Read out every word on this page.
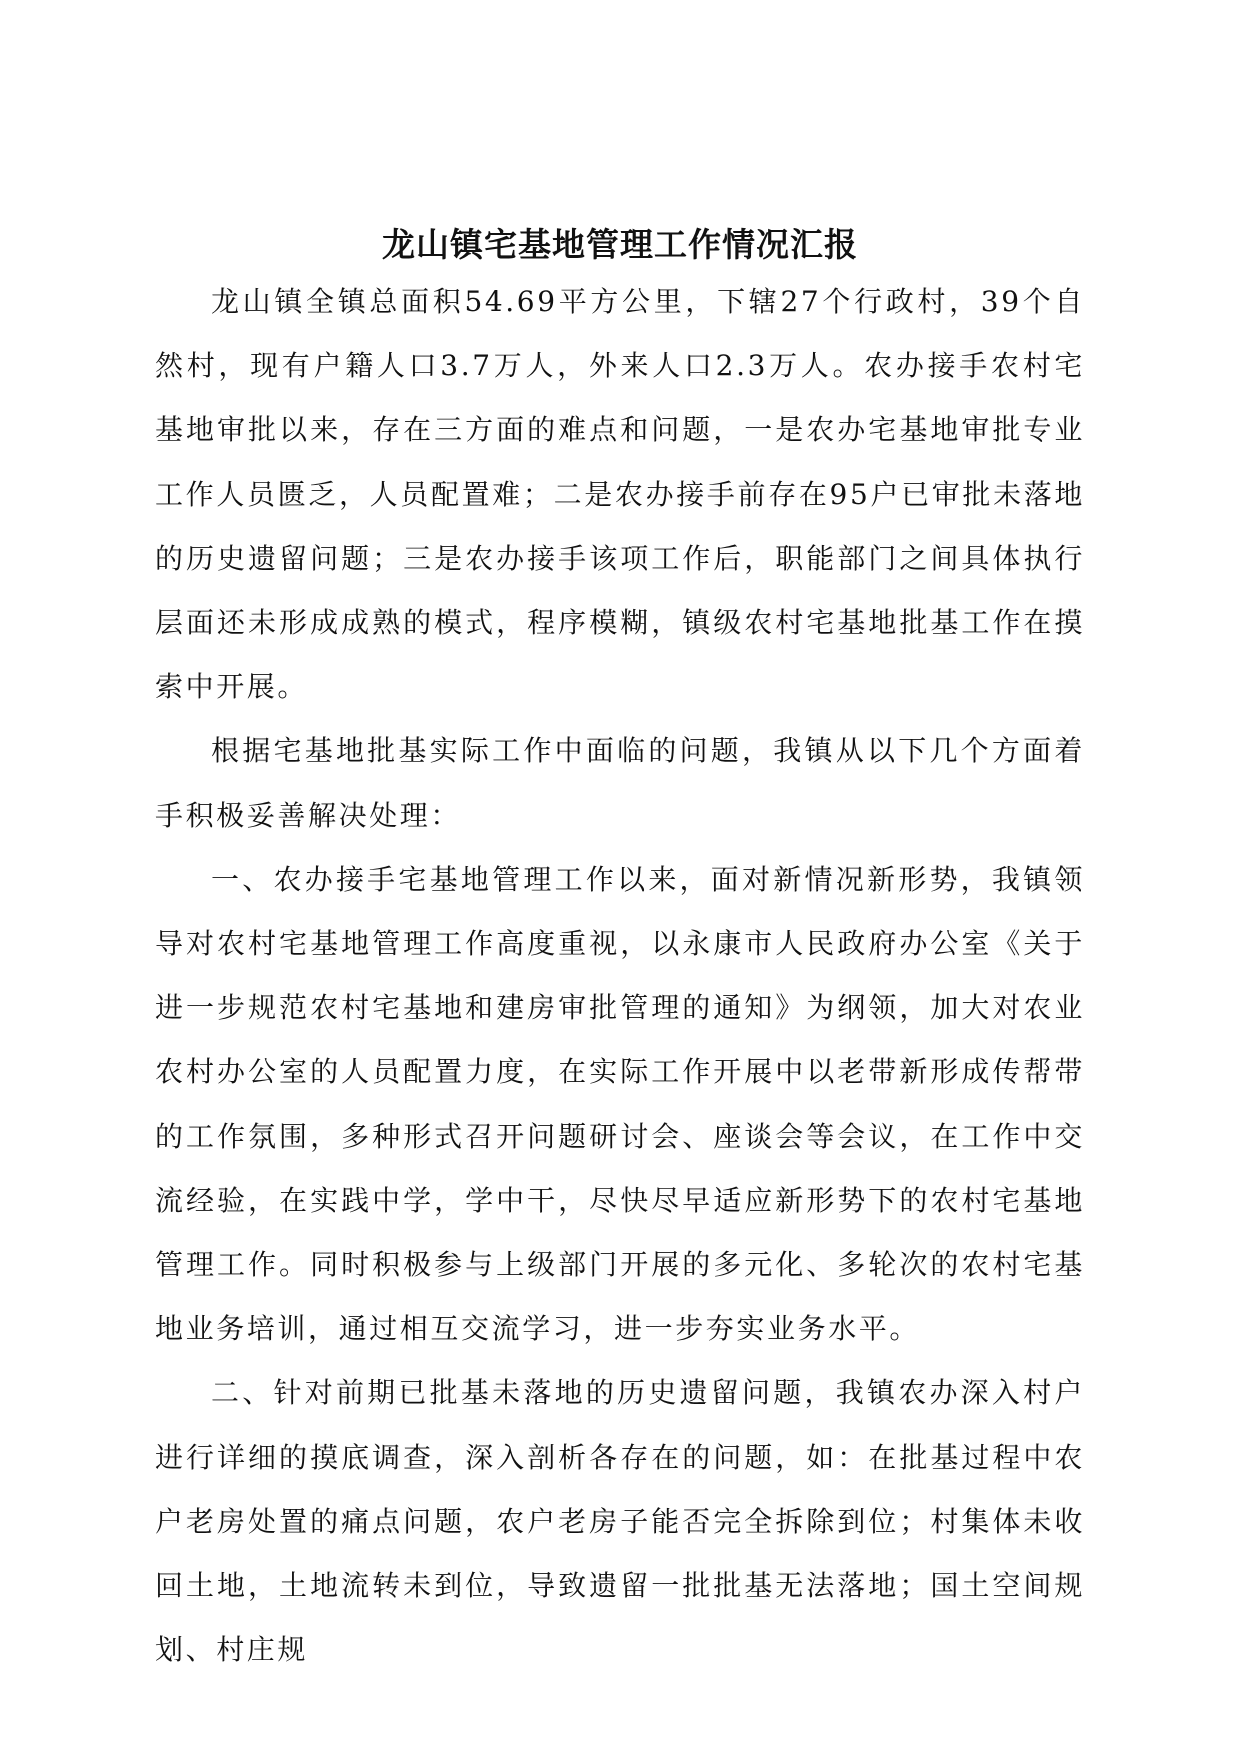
龙山镇宅基地管理工作情况汇报

龙山镇全镇总面积54.69平方公里，下辖27个行政村，39个自然村，现有户籍人口3.7万人，外来人口2.3万人。农办接手农村宅基地审批以来，存在三方面的难点和问题，一是农办宅基地审批专业工作人员匮乏，人员配置难；二是农办接手前存在95户已审批未落地的历史遗留问题；三是农办接手该项工作后，职能部门之间具体执行层面还未形成成熟的模式，程序模糊，镇级农村宅基地批基工作在摸索中开展。

根据宅基地批基实际工作中面临的问题，我镇从以下几个方面着手积极妥善解决处理：

一、农办接手宅基地管理工作以来，面对新情况新形势，我镇领导对农村宅基地管理工作高度重视，以永康市人民政府办公室《关于进一步规范农村宅基地和建房审批管理的通知》为纲领，加大对农业农村办公室的人员配置力度，在实际工作开展中以老带新形成传帮带的工作氛围，多种形式召开问题研讨会、座谈会等会议，在工作中交流经验，在实践中学，学中干，尽快尽早适应新形势下的农村宅基地管理工作。同时积极参与上级部门开展的多元化、多轮次的农村宅基地业务培训，通过相互交流学习，进一步夯实业务水平。

二、针对前期已批基未落地的历史遗留问题，我镇农办深入村户进行详细的摸底调查，深入剖析各存在的问题，如：在批基过程中农户老房处置的痛点问题，农户老房子能否完全拆除到位；村集体未收回土地，土地流转未到位，导致遗留一批批基无法落地；国土空间规划、村庄规
